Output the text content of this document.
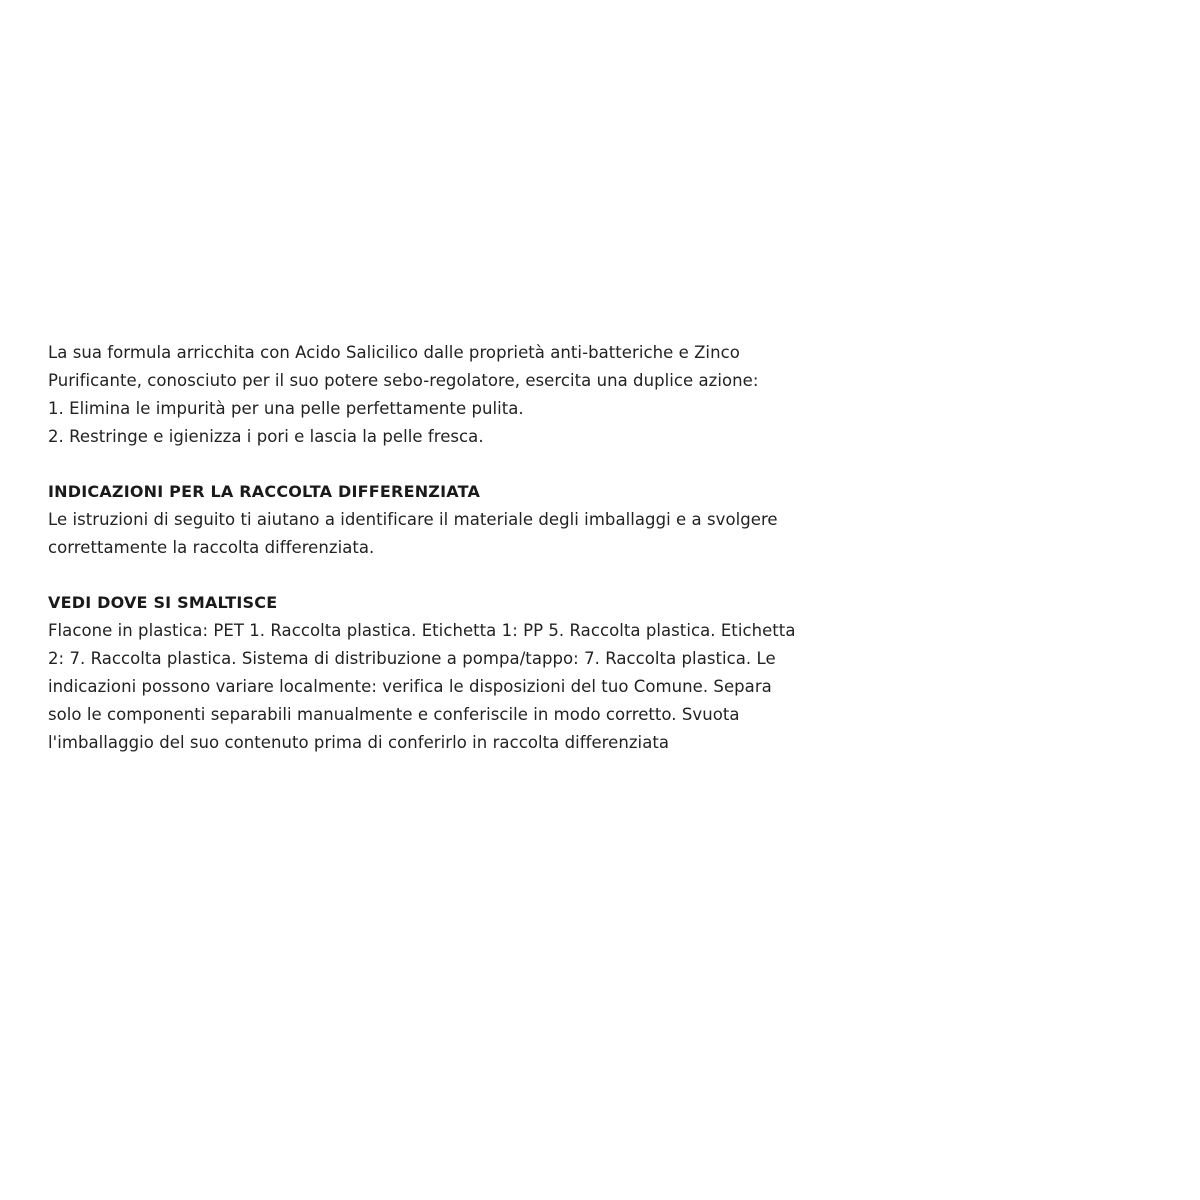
La sua formula arricchita con Acido Salicilico dalle proprietà anti-batteriche e Zinco
Purificante, conosciuto per il suo potere sebo-regolatore, esercita una duplice azione:
1. Elimina le impurità per una pelle perfettamente pulita.
2. Restringe e igienizza i pori e lascia la pelle fresca.
INDICAZIONI PER LA RACCOLTA DIFFERENZIATA
Le istruzioni di seguito ti aiutano a identificare il materiale degli imballaggi e a svolgere
correttamente la raccolta differenziata.
VEDI DOVE SI SMALTISCE
Flacone in plastica: PET 1. Raccolta plastica. Etichetta 1: PP 5. Raccolta plastica. Etichetta
2: 7. Raccolta plastica. Sistema di distribuzione a pompa/tappo: 7. Raccolta plastica. Le
indicazioni possono variare localmente: verifica le disposizioni del tuo Comune. Separa
solo le componenti separabili manualmente e conferiscile in modo corretto. Svuota
l'imballaggio del suo contenuto prima di conferirlo in raccolta differenziata
